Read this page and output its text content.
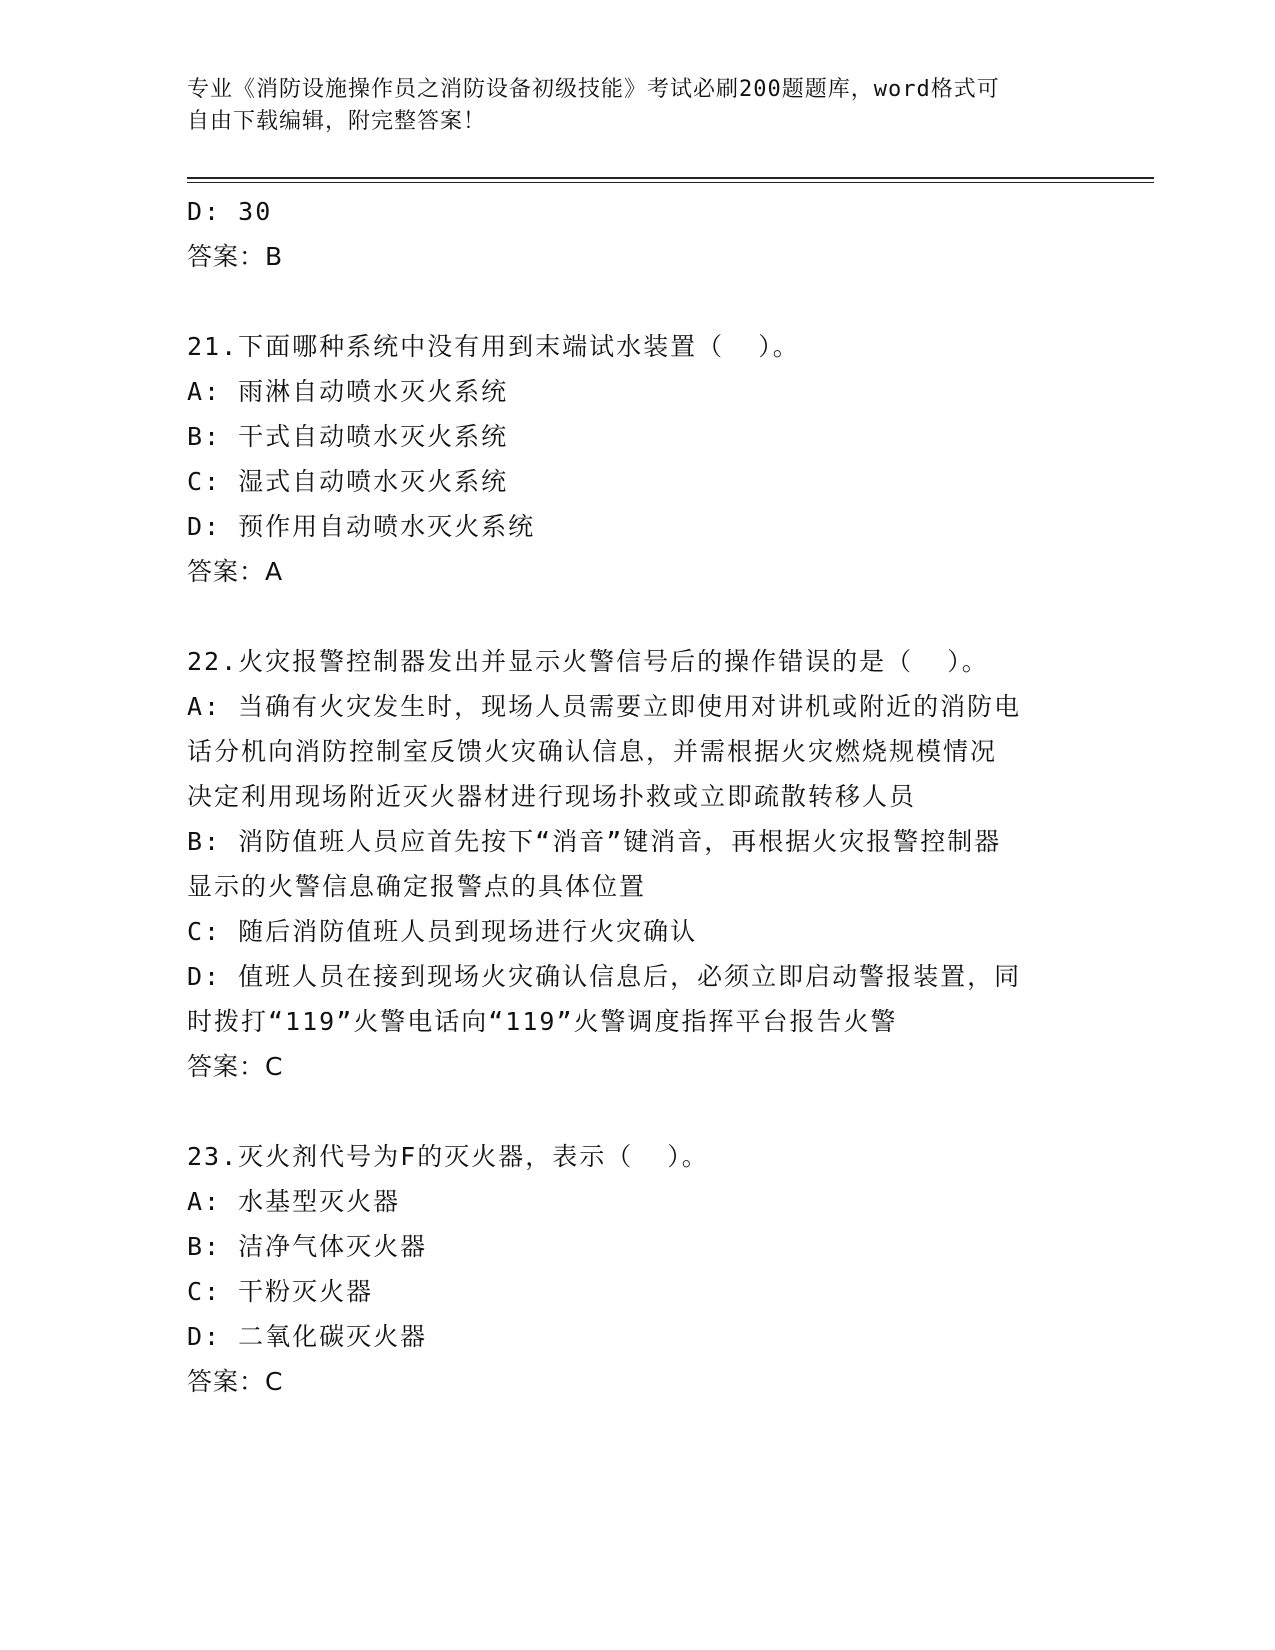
专业《消防设施操作员之消防设备初级技能》考试必刷200题题库，word格式可
自由下载编辑，附完整答案！
D: 30
答案：B
21.下面哪种系统中没有用到末端试水装置（  ）。
A: 雨淋自动喷水灭火系统
B: 干式自动喷水灭火系统
C: 湿式自动喷水灭火系统
D: 预作用自动喷水灭火系统
答案：A
22.火灾报警控制器发出并显示火警信号后的操作错误的是（  ）。
A: 当确有火灾发生时，现场人员需要立即使用对讲机或附近的消防电
话分机向消防控制室反馈火灾确认信息，并需根据火灾燃烧规模情况
决定利用现场附近灭火器材进行现场扑救或立即疏散转移人员
B: 消防值班人员应首先按下“消音”键消音，再根据火灾报警控制器
显示的火警信息确定报警点的具体位置
C: 随后消防值班人员到现场进行火灾确认
D: 值班人员在接到现场火灾确认信息后，必须立即启动警报装置，同
时拨打“119”火警电话向“119”火警调度指挥平台报告火警
答案：C
23.灭火剂代号为F的灭火器，表示（  ）。
A: 水基型灭火器
B: 洁净气体灭火器
C: 干粉灭火器
D: 二氧化碳灭火器
答案：C
